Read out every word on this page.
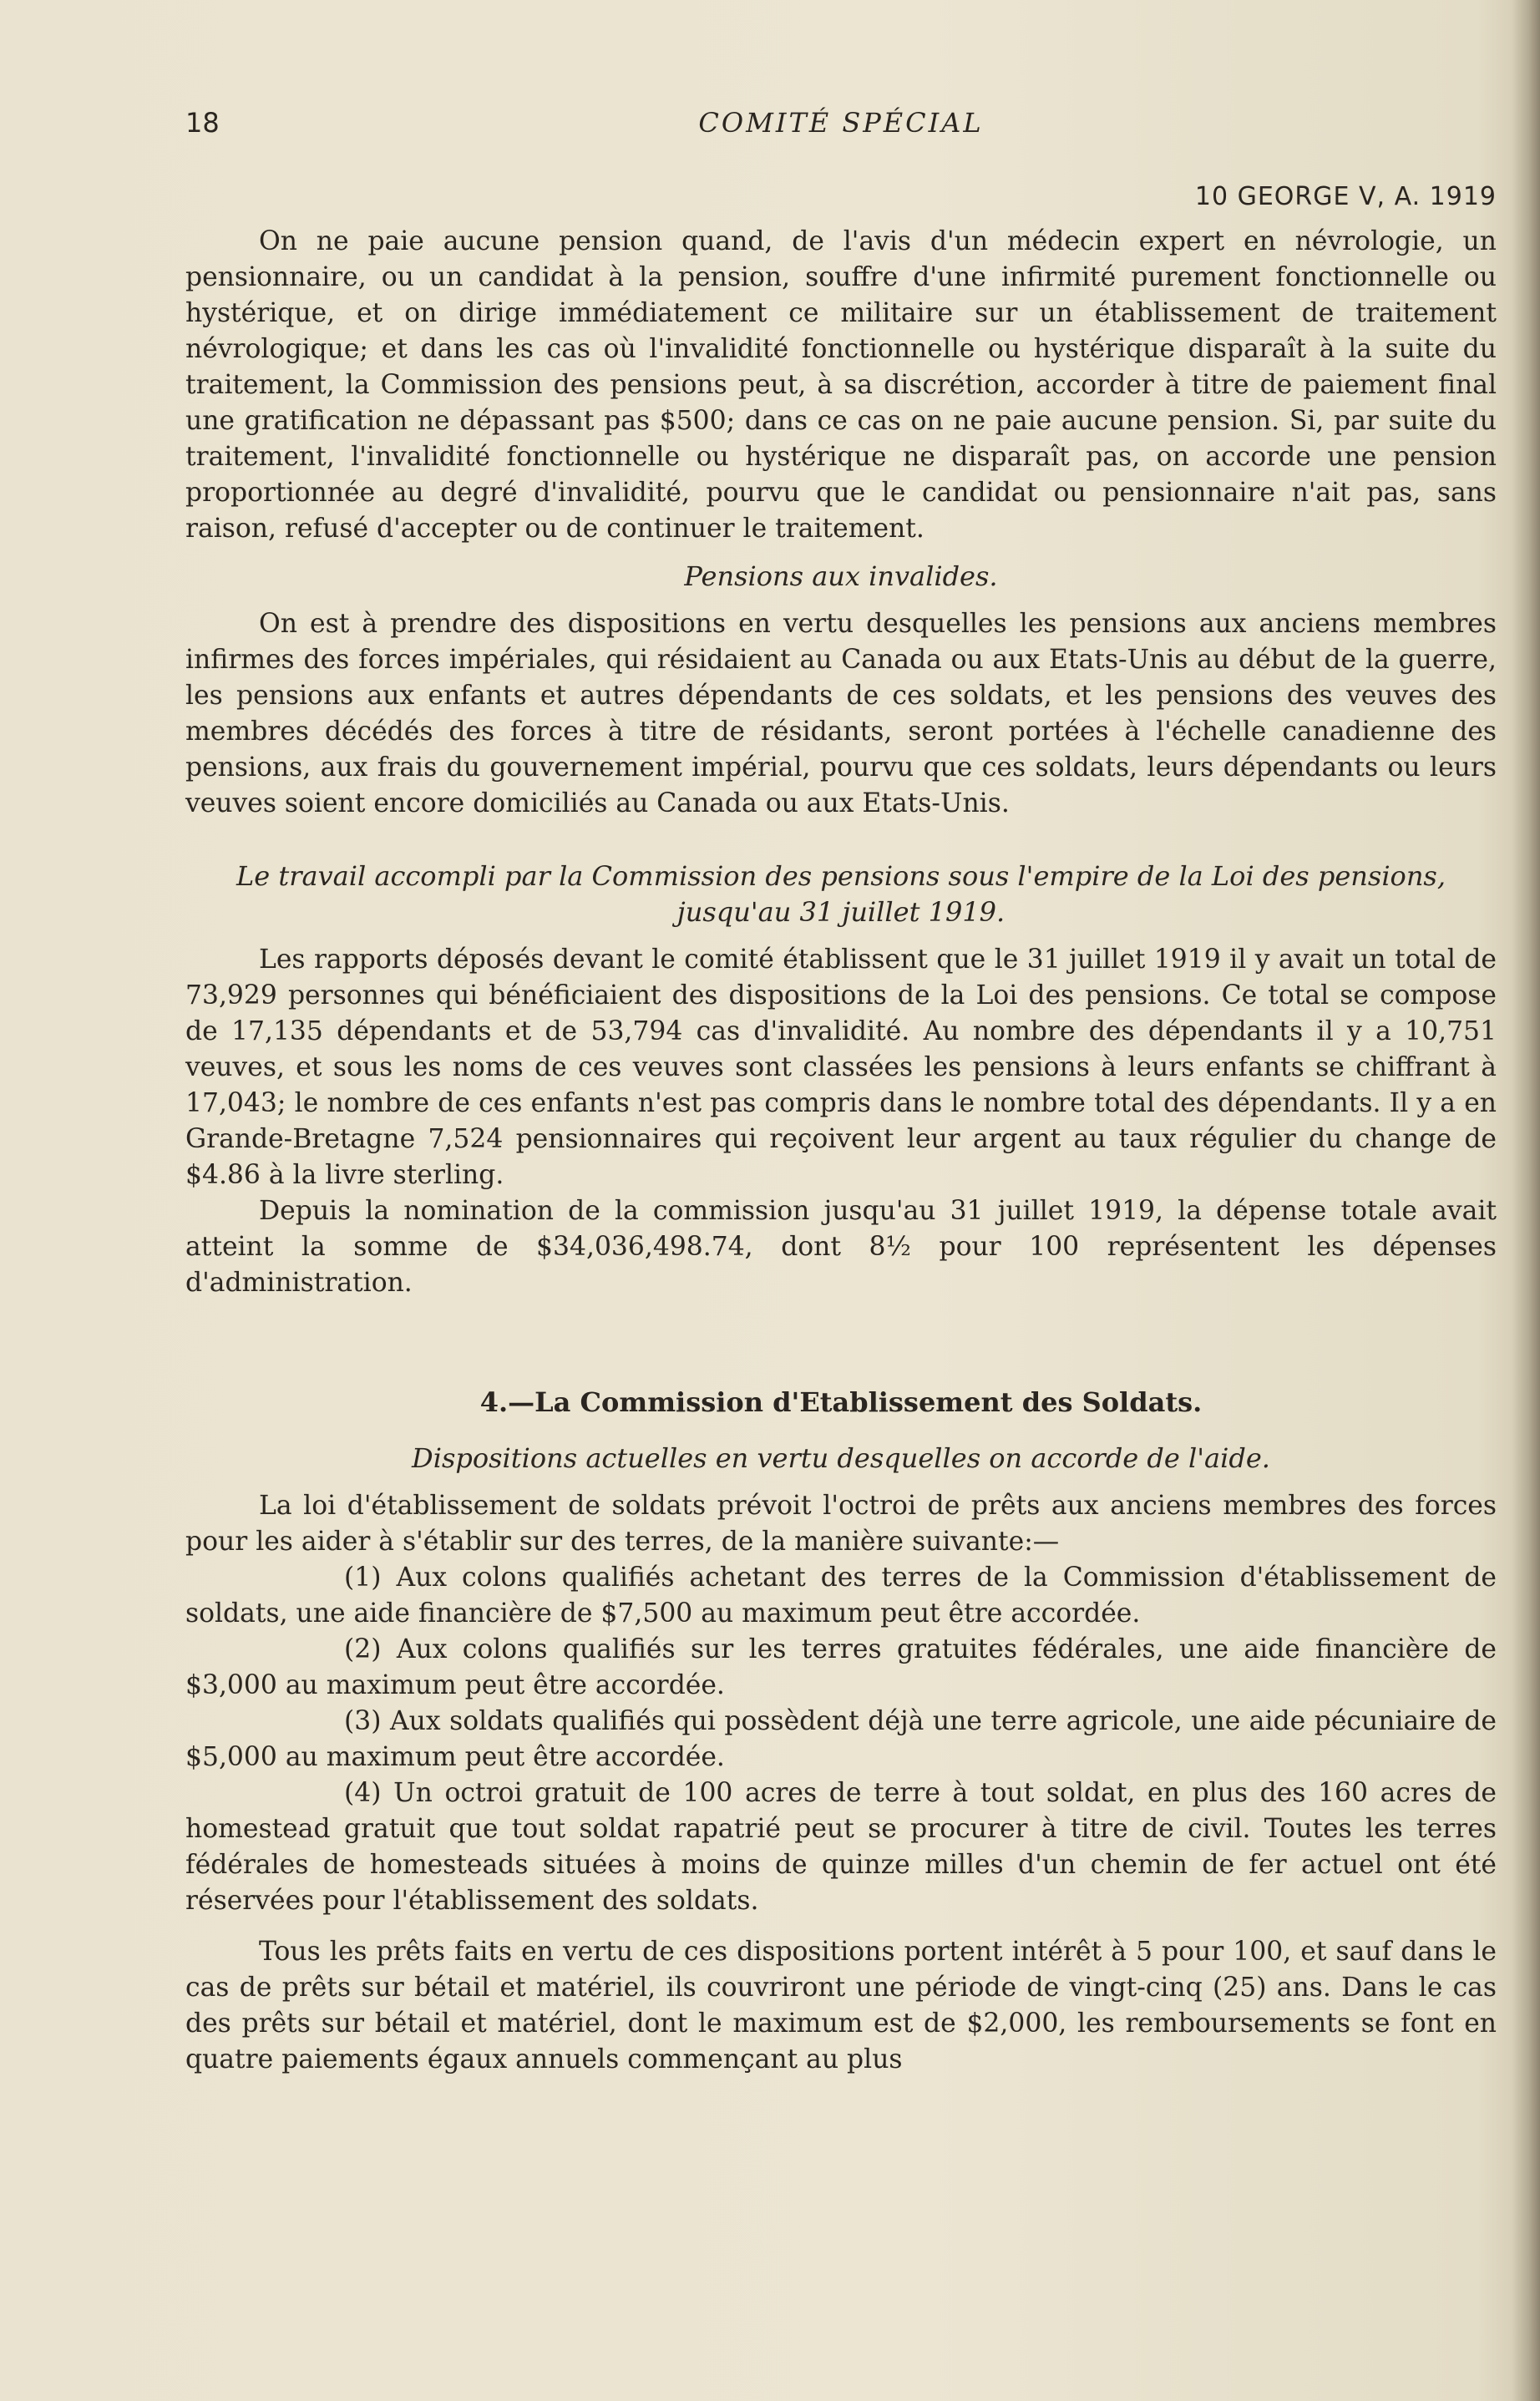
18	COMITÉ SPÉCIAL
10 GEORGE V, A. 1919

On ne paie aucune pension quand, de l'avis d'un médecin expert en névrologie, un pensionnaire, ou un candidat à la pension, souffre d'une infirmité purement fonctionnelle ou hystérique, et on dirige immédiatement ce militaire sur un établissement de traitement névrologique; et dans les cas où l'invalidité fonctionnelle ou hystérique disparaît à la suite du traitement, la Commission des pensions peut, à sa discrétion, accorder à titre de paiement final une gratification ne dépassant pas $500; dans ce cas on ne paie aucune pension. Si, par suite du traitement, l'invalidité fonctionnelle ou hystérique ne disparaît pas, on accorde une pension proportionnée au degré d'invalidité, pourvu que le candidat ou pensionnaire n'ait pas, sans raison, refusé d'accepter ou de continuer le traitement.

Pensions aux invalides.

On est à prendre des dispositions en vertu desquelles les pensions aux anciens membres infirmes des forces impériales, qui résidaient au Canada ou aux Etats-Unis au début de la guerre, les pensions aux enfants et autres dépendants de ces soldats, et les pensions des veuves des membres décédés des forces à titre de résidants, seront portées à l'échelle canadienne des pensions, aux frais du gouvernement impérial, pourvu que ces soldats, leurs dépendants ou leurs veuves soient encore domiciliés au Canada ou aux Etats-Unis.

Le travail accompli par la Commission des pensions sous l'empire de la Loi des pensions, jusqu'au 31 juillet 1919.

Les rapports déposés devant le comité établissent que le 31 juillet 1919 il y avait un total de 73,929 personnes qui bénéficiaient des dispositions de la Loi des pensions. Ce total se compose de 17,135 dépendants et de 53,794 cas d'invalidité. Au nombre des dépendants il y a 10,751 veuves, et sous les noms de ces veuves sont classées les pensions à leurs enfants se chiffrant à 17,043; le nombre de ces enfants n'est pas compris dans le nombre total des dépendants. Il y a en Grande-Bretagne 7,524 pensionnaires qui reçoivent leur argent au taux régulier du change de $4.86 à la livre sterling.

Depuis la nomination de la commission jusqu'au 31 juillet 1919, la dépense totale avait atteint la somme de $34,036,498.74, dont 8½ pour 100 représentent les dépenses d'administration.

4.—La Commission d'Etablissement des Soldats.
Dispositions actuelles en vertu desquelles on accorde de l'aide.

La loi d'établissement de soldats prévoit l'octroi de prêts aux anciens membres des forces pour les aider à s'établir sur des terres, de la manière suivante:—

(1) Aux colons qualifiés achetant des terres de la Commission d'établissement de soldats, une aide financière de $7,500 au maximum peut être accordée.

(2) Aux colons qualifiés sur les terres gratuites fédérales, une aide financière de $3,000 au maximum peut être accordée.

(3) Aux soldats qualifiés qui possèdent déjà une terre agricole, une aide pécuniaire de $5,000 au maximum peut être accordée.

(4) Un octroi gratuit de 100 acres de terre à tout soldat, en plus des 160 acres de homestead gratuit que tout soldat rapatrié peut se procurer à titre de civil. Toutes les terres fédérales de homesteads situées à moins de quinze milles d'un chemin de fer actuel ont été réservées pour l'établissement des soldats.

Tous les prêts faits en vertu de ces dispositions portent intérêt à 5 pour 100, et sauf dans le cas de prêts sur bétail et matériel, ils couvriront une période de vingt-cinq (25) ans. Dans le cas des prêts sur bétail et matériel, dont le maximum est de $2,000, les remboursements se font en quatre paiements égaux annuels commençant au plus
